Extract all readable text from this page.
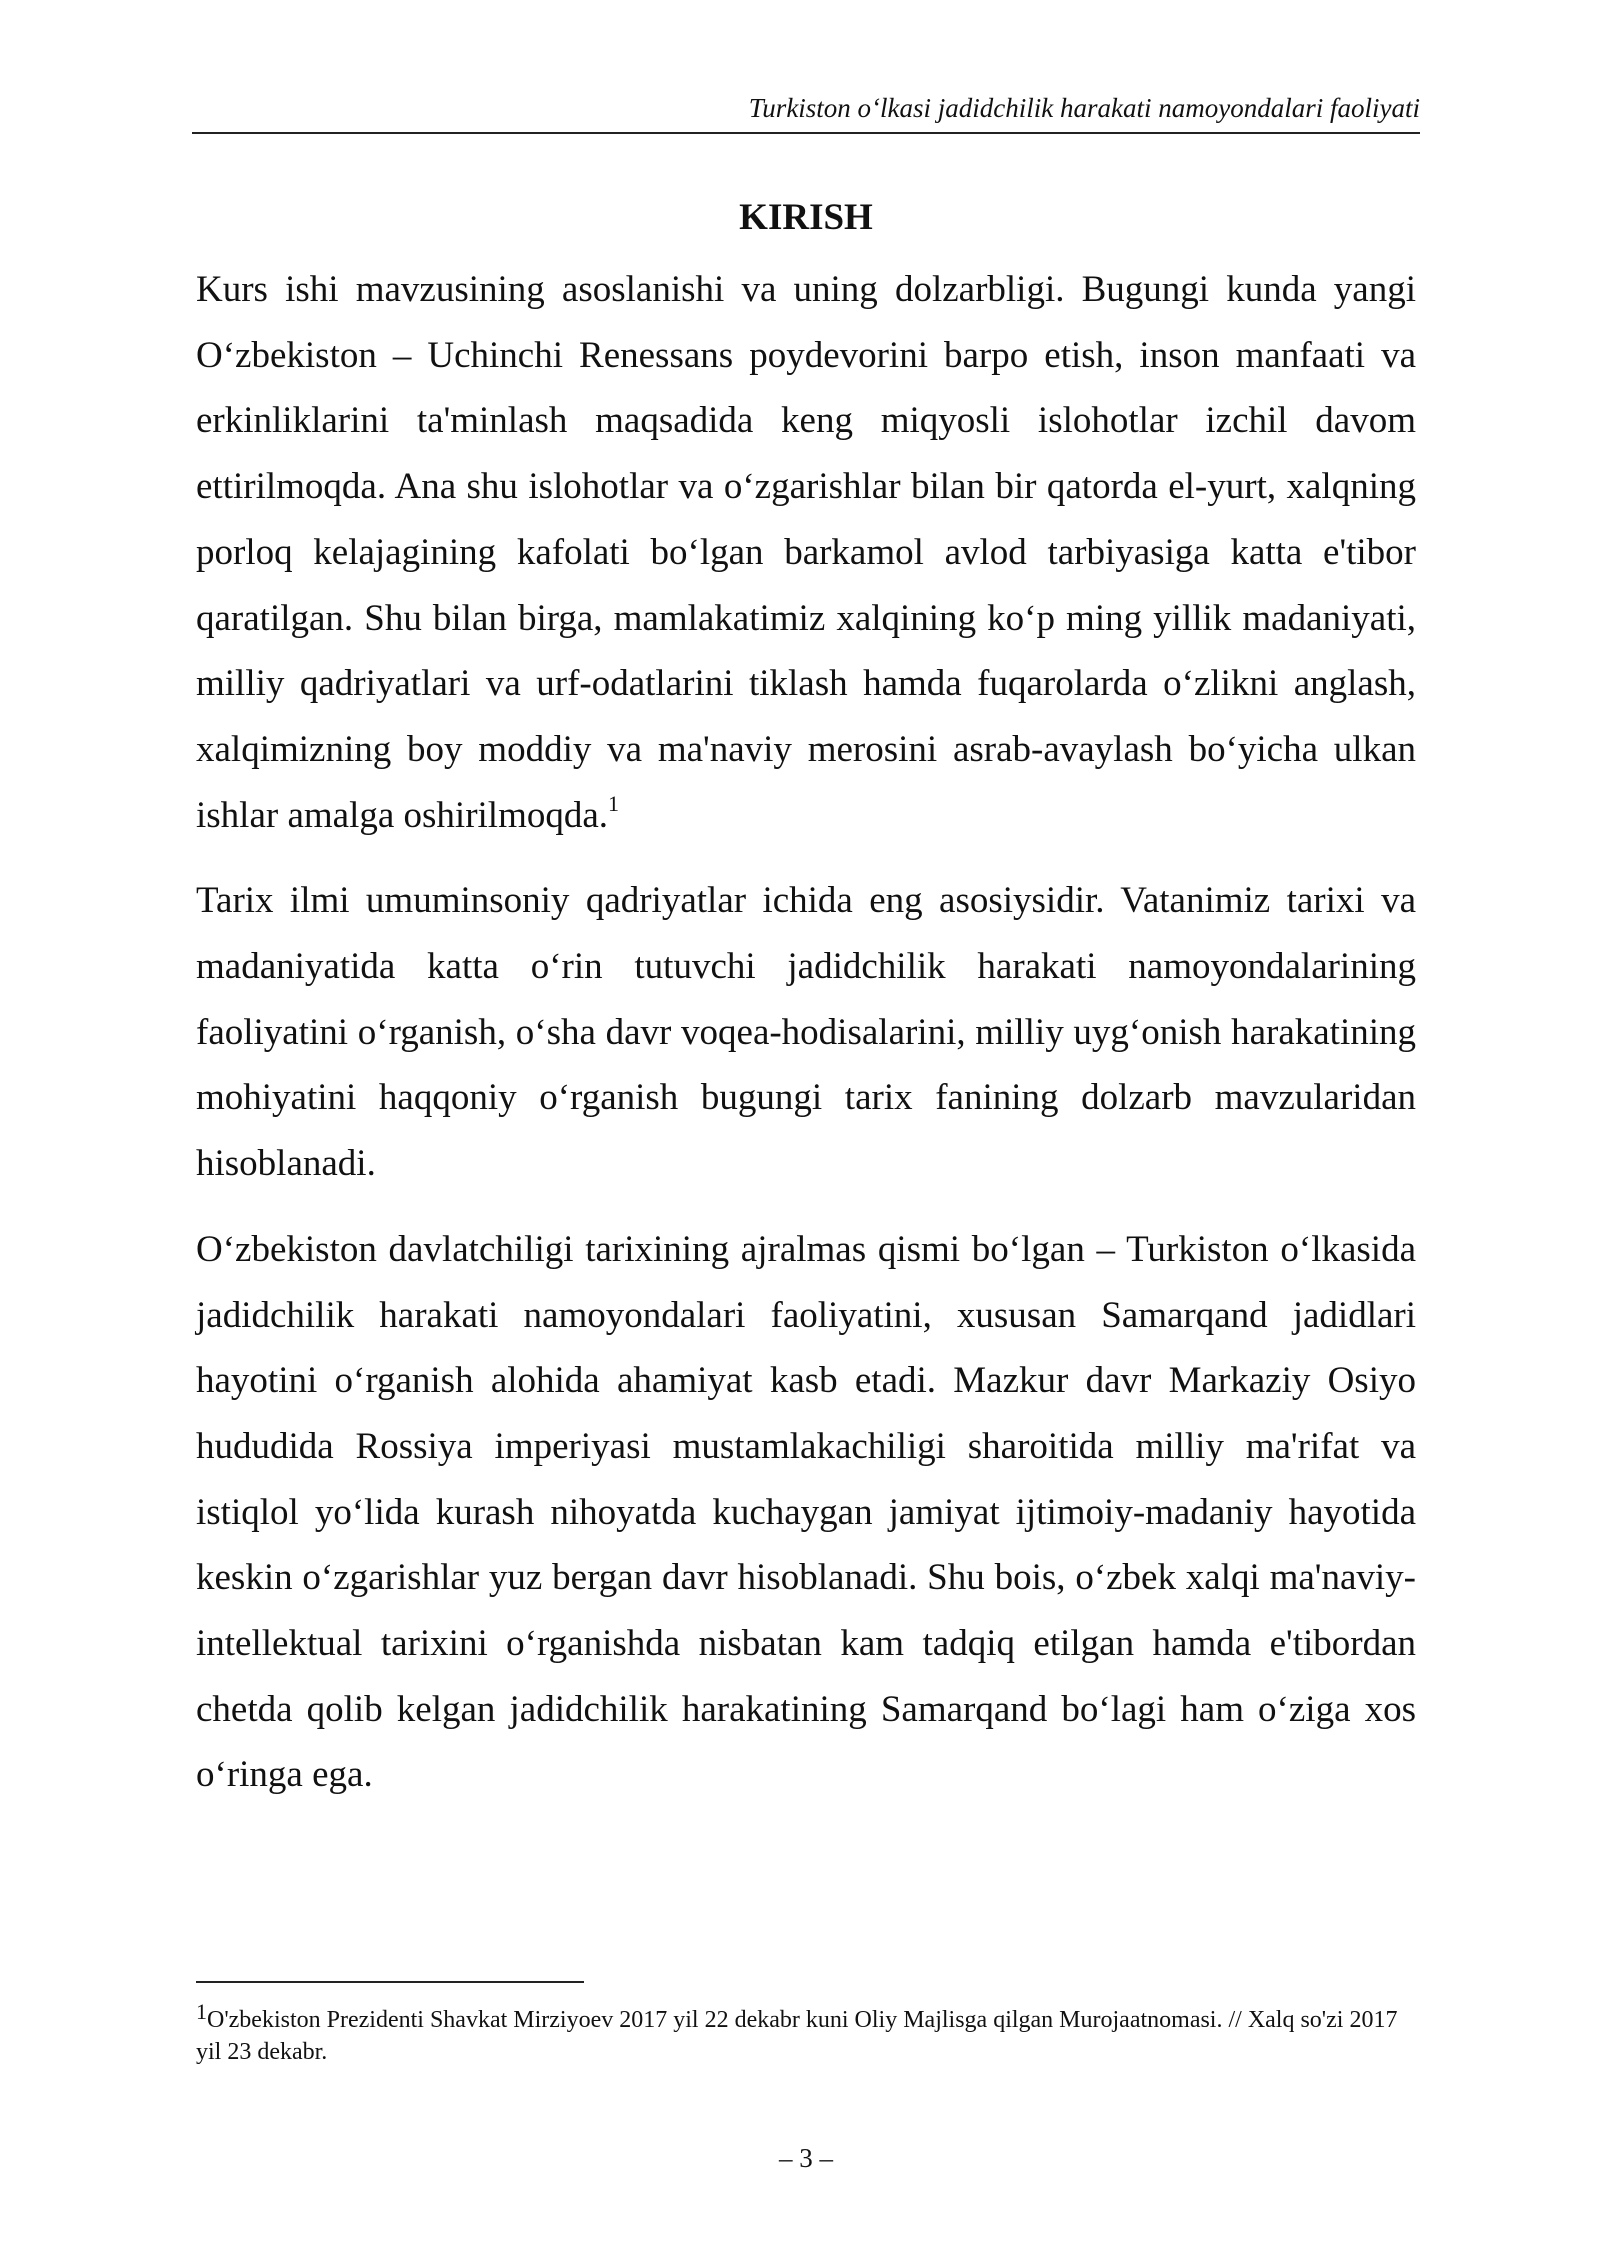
Turkiston o‘lkasi jadidchilik harakati namoyondalari faoliyati
KIRISH

Kurs ishi mavzusining asoslanishi va uning dolzarbligi. Bugungi kunda yangi O‘zbekiston – Uchinchi Renessans poydevorini barpo etish, inson manfaati va erkinliklarini ta'minlash maqsadida keng miqyosli islohotlar izchil davom ettirilmoqda. Ana shu islohotlar va o‘zgarishlar bilan bir qatorda el-yurt, xalqning porloq kelajagining kafolati bo‘lgan barkamol avlod tarbiyasiga katta e'tibor qaratilgan. Shu bilan birga, mamlakatimiz xalqining ko‘p ming yillik madaniyati, milliy qadriyatlari va urf-odatlarini tiklash hamda fuqarolarda o‘zlikni anglash, xalqimizning boy moddiy va ma'naviy merosini asrab-avaylash bo‘yicha ulkan ishlar amalga oshirilmoqda.$^1$

Tarix ilmi umuminsoniy qadriyatlar ichida eng asosiysidir. Vatanimiz tarixi va madaniyatida katta o‘rin tutuvchi jadidchilik harakati namoyondalarining faoliyatini o‘rganish, o‘sha davr voqea-hodisalarini, milliy uyg‘onish harakatining mohiyatini haqqoniy o‘rganish bugungi tarix fanining dolzarb mavzularidan hisoblanadi.

O‘zbekiston davlatchiligi tarixining ajralmas qismi bo‘lgan – Turkiston o‘lkasida jadidchilik harakati namoyondalari faoliyatini, xususan Samarqand jadidlari hayotini o‘rganish alohida ahamiyat kasb etadi. Mazkur davr Markaziy Osiyo hududida Rossiya imperiyasi mustamlakachiligi sharoitida milliy ma'rifat va istiqlol yo‘lida kurash nihoyatda kuchaygan jamiyat ijtimoiy-madaniy hayotida keskin o‘zgarishlar yuz bergan davr hisoblanadi. Shu bois, o‘zbek xalqi ma'naviy-intellektual tarixini o‘rganishda nisbatan kam tadqiq etilgan hamda e'tibordan chetda qolib kelgan jadidchilik harakatining Samarqand bo‘lagi ham o‘ziga xos o‘ringa ega.

$^1$O'zbekiston Prezidenti Shavkat Mirziyoev 2017 yil 22 dekabr kuni Oliy Majlisga qilgan Murojaatnomasi. // Xalq so'zi 2017 yil 23 dekabr.
– 3 –
